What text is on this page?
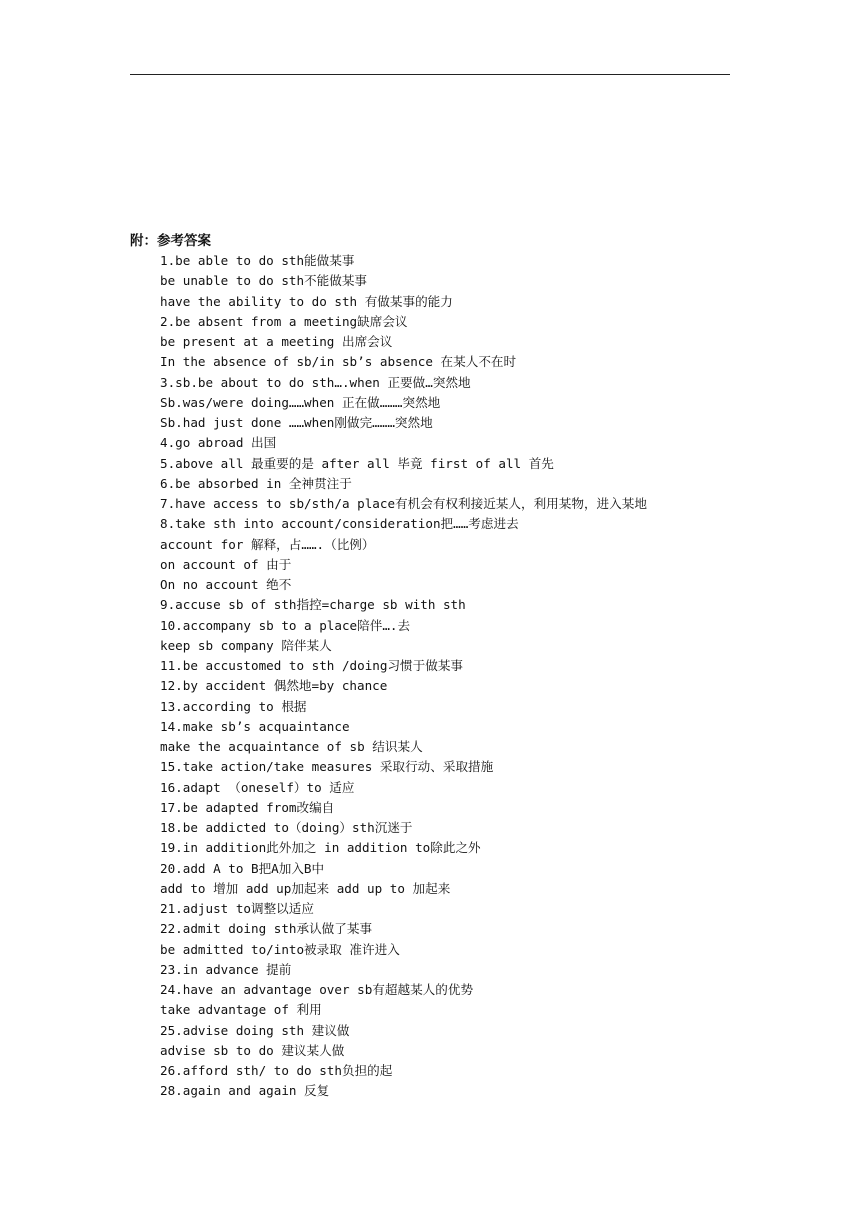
附：参考答案
1.be able to do sth能做某事
be unable to do sth不能做某事
have the ability to do sth 有做某事的能力
2.be absent from a meeting缺席会议
be present at a meeting 出席会议
In the absence of sb/in sb’s absence 在某人不在时
3.sb.be about to do sth….when 正要做…突然地
Sb.was/were doing……when 正在做………突然地
Sb.had just done ……when刚做完………突然地
4.go abroad 出国
5.above all 最重要的是 after all 毕竟 first of all 首先
6.be absorbed in 全神贯注于
7.have access to sb/sth/a place有机会有权利接近某人，利用某物，进入某地
8.take sth into account/consideration把……考虑进去
account for 解释，占…….（比例）
on account of 由于
On no account 绝不
9.accuse sb of sth指控=charge sb with sth
10.accompany sb to a place陪伴….去
keep sb company 陪伴某人
11.be accustomed to sth /doing习惯于做某事
12.by accident 偶然地=by chance
13.according to 根据
14.make sb’s acquaintance
make the acquaintance of sb 结识某人
15.take action/take measures 采取行动、采取措施
16.adapt （oneself）to 适应
17.be adapted from改编自
18.be addicted to（doing）sth沉迷于
19.in addition此外加之 in addition to除此之外
20.add A to B把A加入B中
add to 增加 add up加起来 add up to 加起来
21.adjust to调整以适应
22.admit doing sth承认做了某事
be admitted to/into被录取 准许进入
23.in advance 提前
24.have an advantage over sb有超越某人的优势
take advantage of 利用
25.advise doing sth 建议做
advise sb to do 建议某人做
26.afford sth/ to do sth负担的起
28.again and again 反复
